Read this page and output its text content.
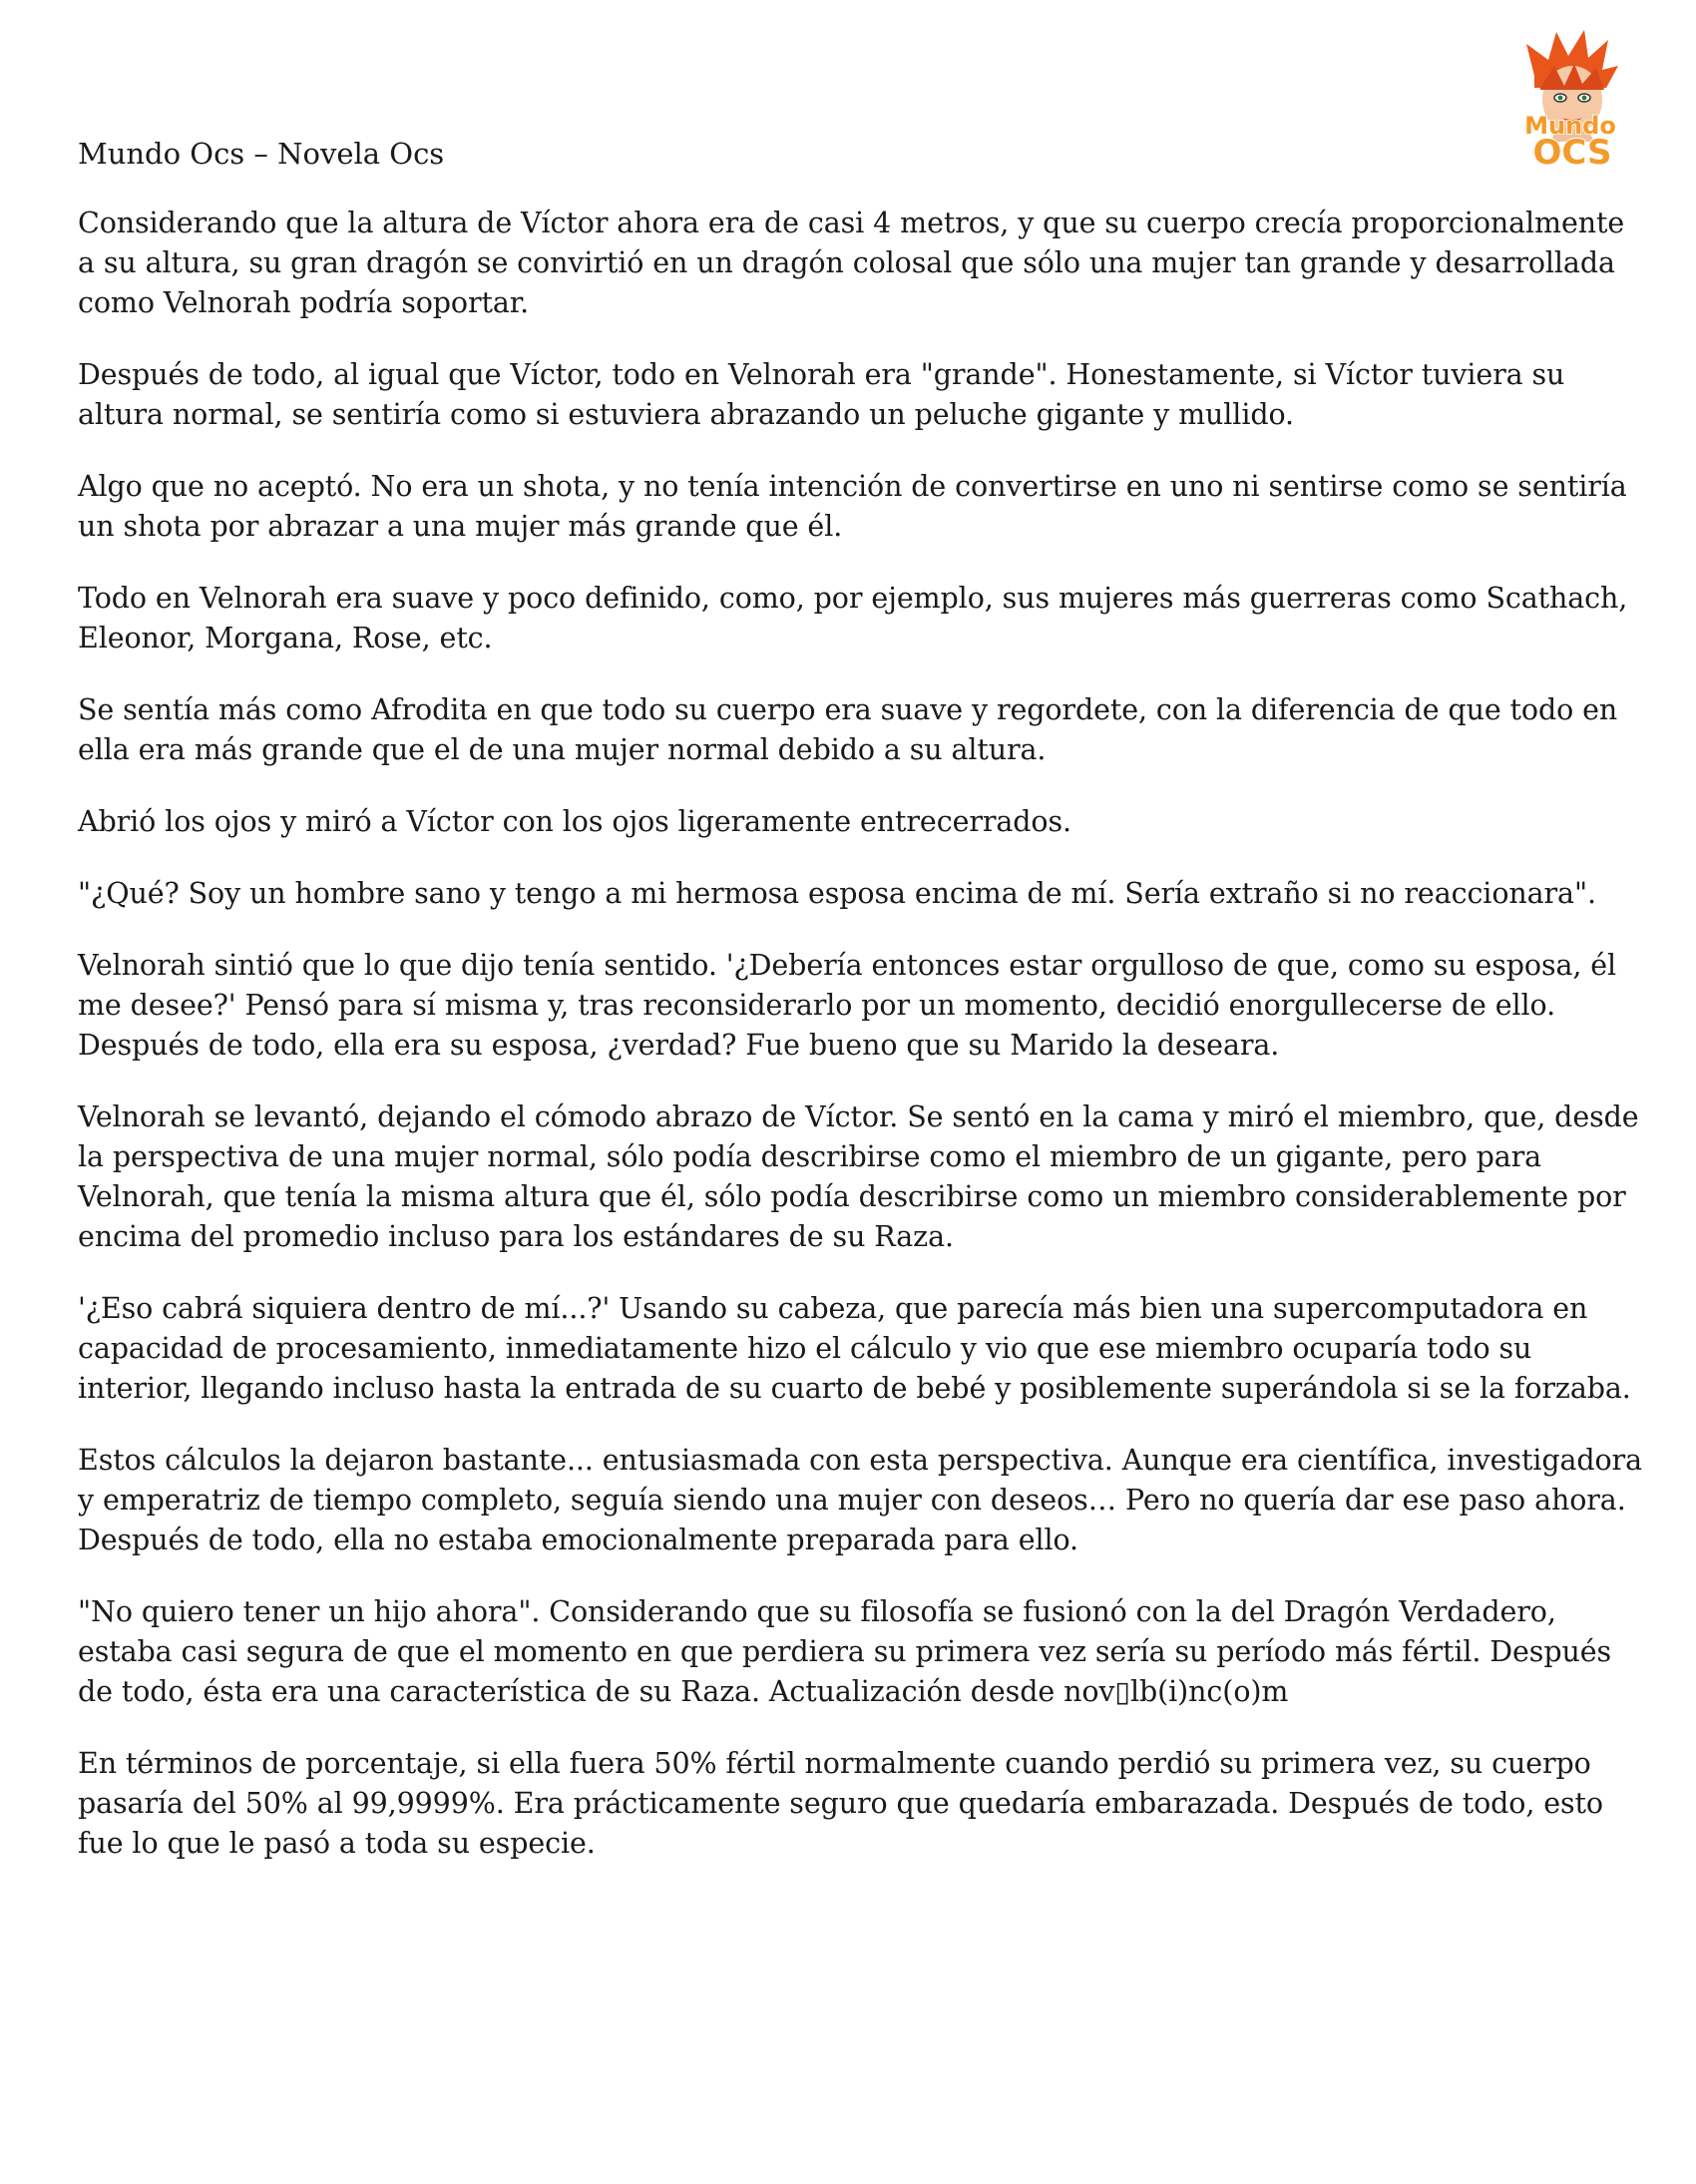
Mundo
OCS
Mundo Ocs – Novela Ocs

Considerando que la altura de Víctor ahora era de casi 4 metros, y que su cuerpo crecía proporcionalmente a su altura, su gran dragón se convirtió en un dragón colosal que sólo una mujer tan grande y desarrollada como Velnorah podría soportar.

Después de todo, al igual que Víctor, todo en Velnorah era "grande". Honestamente, si Víctor tuviera su altura normal, se sentiría como si estuviera abrazando un peluche gigante y mullido.

Algo que no aceptó. No era un shota, y no tenía intención de convertirse en uno ni sentirse como se sentiría un shota por abrazar a una mujer más grande que él.

Todo en Velnorah era suave y poco definido, como, por ejemplo, sus mujeres más guerreras como Scathach, Eleonor, Morgana, Rose, etc.

Se sentía más como Afrodita en que todo su cuerpo era suave y regordete, con la diferencia de que todo en ella era más grande que el de una mujer normal debido a su altura.

Abrió los ojos y miró a Víctor con los ojos ligeramente entrecerrados.

"¿Qué? Soy un hombre sano y tengo a mi hermosa esposa encima de mí. Sería extraño si no reaccionara".

Velnorah sintió que lo que dijo tenía sentido. '¿Debería entonces estar orgulloso de que, como su esposa, él me desee?' Pensó para sí misma y, tras reconsiderarlo por un momento, decidió enorgullecerse de ello. Después de todo, ella era su esposa, ¿verdad? Fue bueno que su Marido la deseara.

Velnorah se levantó, dejando el cómodo abrazo de Víctor. Se sentó en la cama y miró el miembro, que, desde la perspectiva de una mujer normal, sólo podía describirse como el miembro de un gigante, pero para Velnorah, que tenía la misma altura que él, sólo podía describirse como un miembro considerablemente por encima del promedio incluso para los estándares de su Raza.

'¿Eso cabrá siquiera dentro de mí...?' Usando su cabeza, que parecía más bien una supercomputadora en capacidad de procesamiento, inmediatamente hizo el cálculo y vio que ese miembro ocuparía todo su interior, llegando incluso hasta la entrada de su cuarto de bebé y posiblemente superándola si se la forzaba.

Estos cálculos la dejaron bastante... entusiasmada con esta perspectiva. Aunque era científica, investigadora y emperatriz de tiempo completo, seguía siendo una mujer con deseos… Pero no quería dar ese paso ahora. Después de todo, ella no estaba emocionalmente preparada para ello.

"No quiero tener un hijo ahora". Considerando que su filosofía se fusionó con la del Dragón Verdadero, estaba casi segura de que el momento en que perdiera su primera vez sería su período más fértil. Después de todo, ésta era una característica de su Raza. Actualización desde nov▯lb(i)nc(o)m

En términos de porcentaje, si ella fuera 50% fértil normalmente cuando perdió su primera vez, su cuerpo pasaría del 50% al 99,9999%. Era prácticamente seguro que quedaría embarazada. Después de todo, esto fue lo que le pasó a toda su especie.
